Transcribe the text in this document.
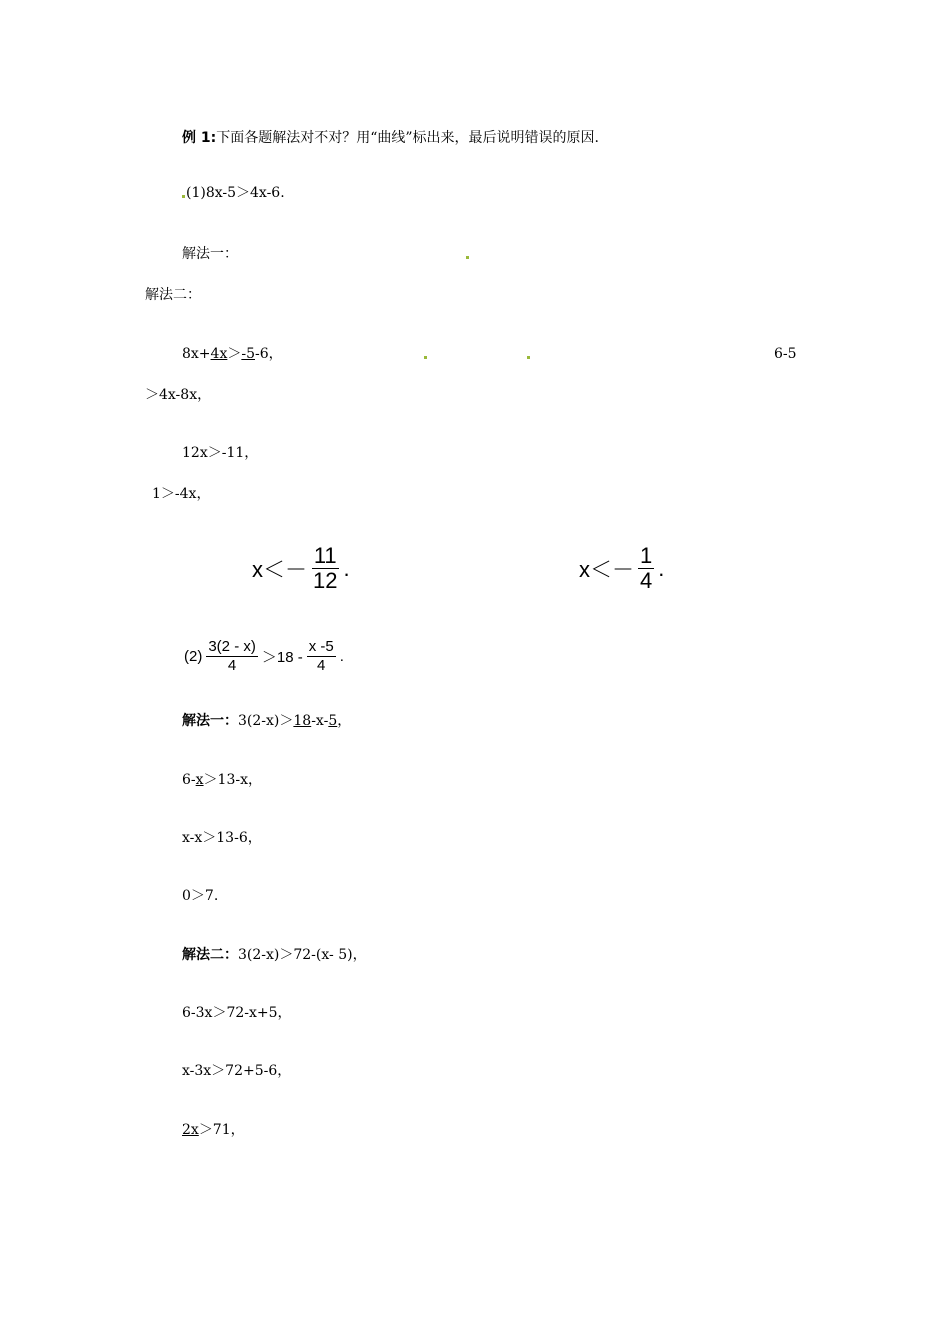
例 1:下面各题解法对不对？用“曲线”标出来，最后说明错误的原因.
(1)8x-5＞4x-6.
解法一：
解法二：
8x+4x＞-5-6，	6-5
＞4x-8x，
12x＞-11，
1＞-4x，
$x<- \frac{11}{12}$ .	$x<- \frac{1}{4}$ .
$(2) \frac{3(2 - x)}{4} >18 - \frac{x -5}{4}$ .
解法一：3(2-x)＞18-x-5，
6-x＞13-x，
x-x＞13-6，
0＞7.
解法二：3(2-x)＞72-(x- 5)，
6-3x＞72-x+5，
x-3x＞72+5-6，
2x＞71，
